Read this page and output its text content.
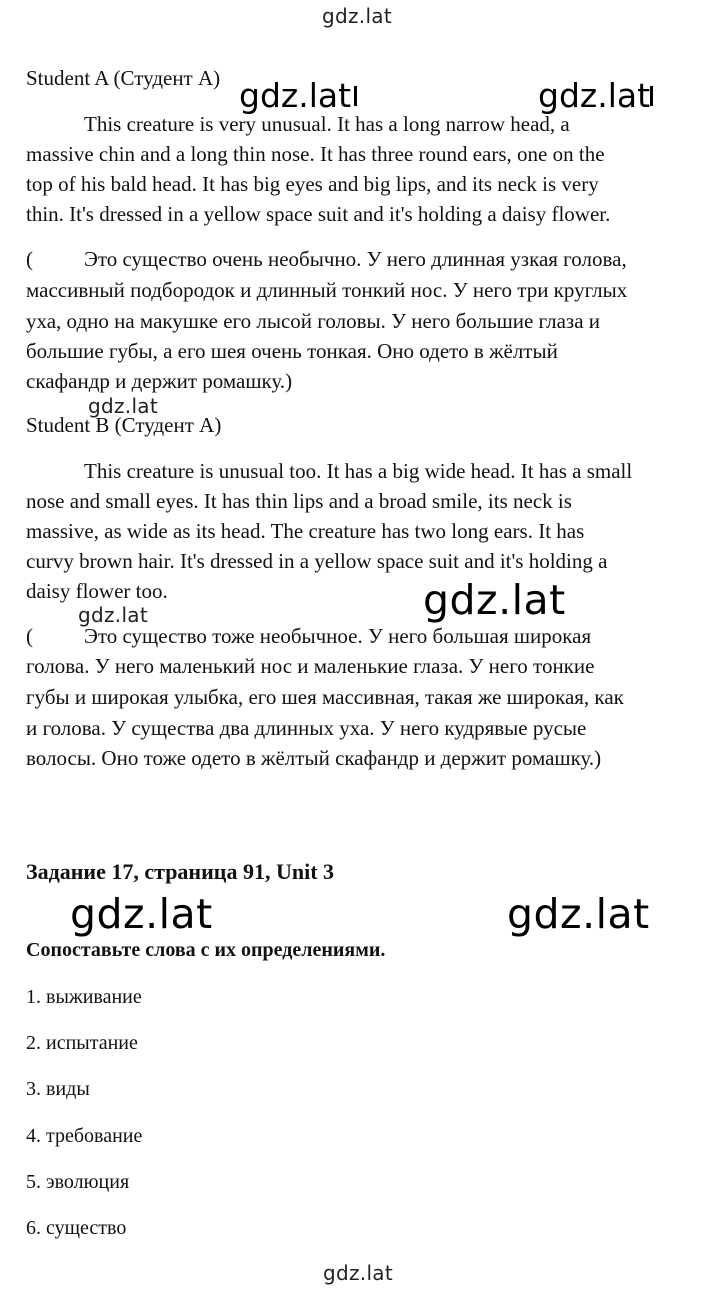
gdz.lat
Student A (Студент А) gdz.lat	gdz.lat
This creature is very unusual. It has a long narrow head, a
massive chin and a long thin nose. It has three round ears, one on the
top of his bald head. It has big eyes and big lips, and its neck is very
thin. It's dressed in a yellow space suit and it's holding a daisy flower.
( Это существо очень необычно. У него длинная узкая голова,
массивный подбородок и длинный тонкий нос. У него три круглых
уха, одно на макушке его лысой головы. У него большие глаза и
большие губы, а его шея очень тонкая. Оно одето в жёлтый
скафандр и держит ромашку.)
gdz.lat
Student B (Студент А)
This creature is unusual too. It has a big wide head. It has a small
nose and small eyes. It has thin lips and a broad smile, its neck is
massive, as wide as its head. The creature has two long ears. It has
curvy brown hair. It's dressed in a yellow space suit and it's holding a
daisy flower too.
gdz.lat	gdz.lat
( Это существо тоже необычное. У него большая широкая
голова. У него маленький нос и маленькие глаза. У него тонкие
губы и широкая улыбка, его шея массивная, такая же широкая, как
и голова. У существа два длинных уха. У него кудрявые русые
волосы. Оно тоже одето в жёлтый скафандр и держит ромашку.)
Задание 17, страница 91, Unit 3
gdz.lat	gdz.lat
Сопоставьте слова с их определениями.
1. выживание
2. испытание
3. виды
4. требование
5. эволюция
6. существо
gdz.lat
